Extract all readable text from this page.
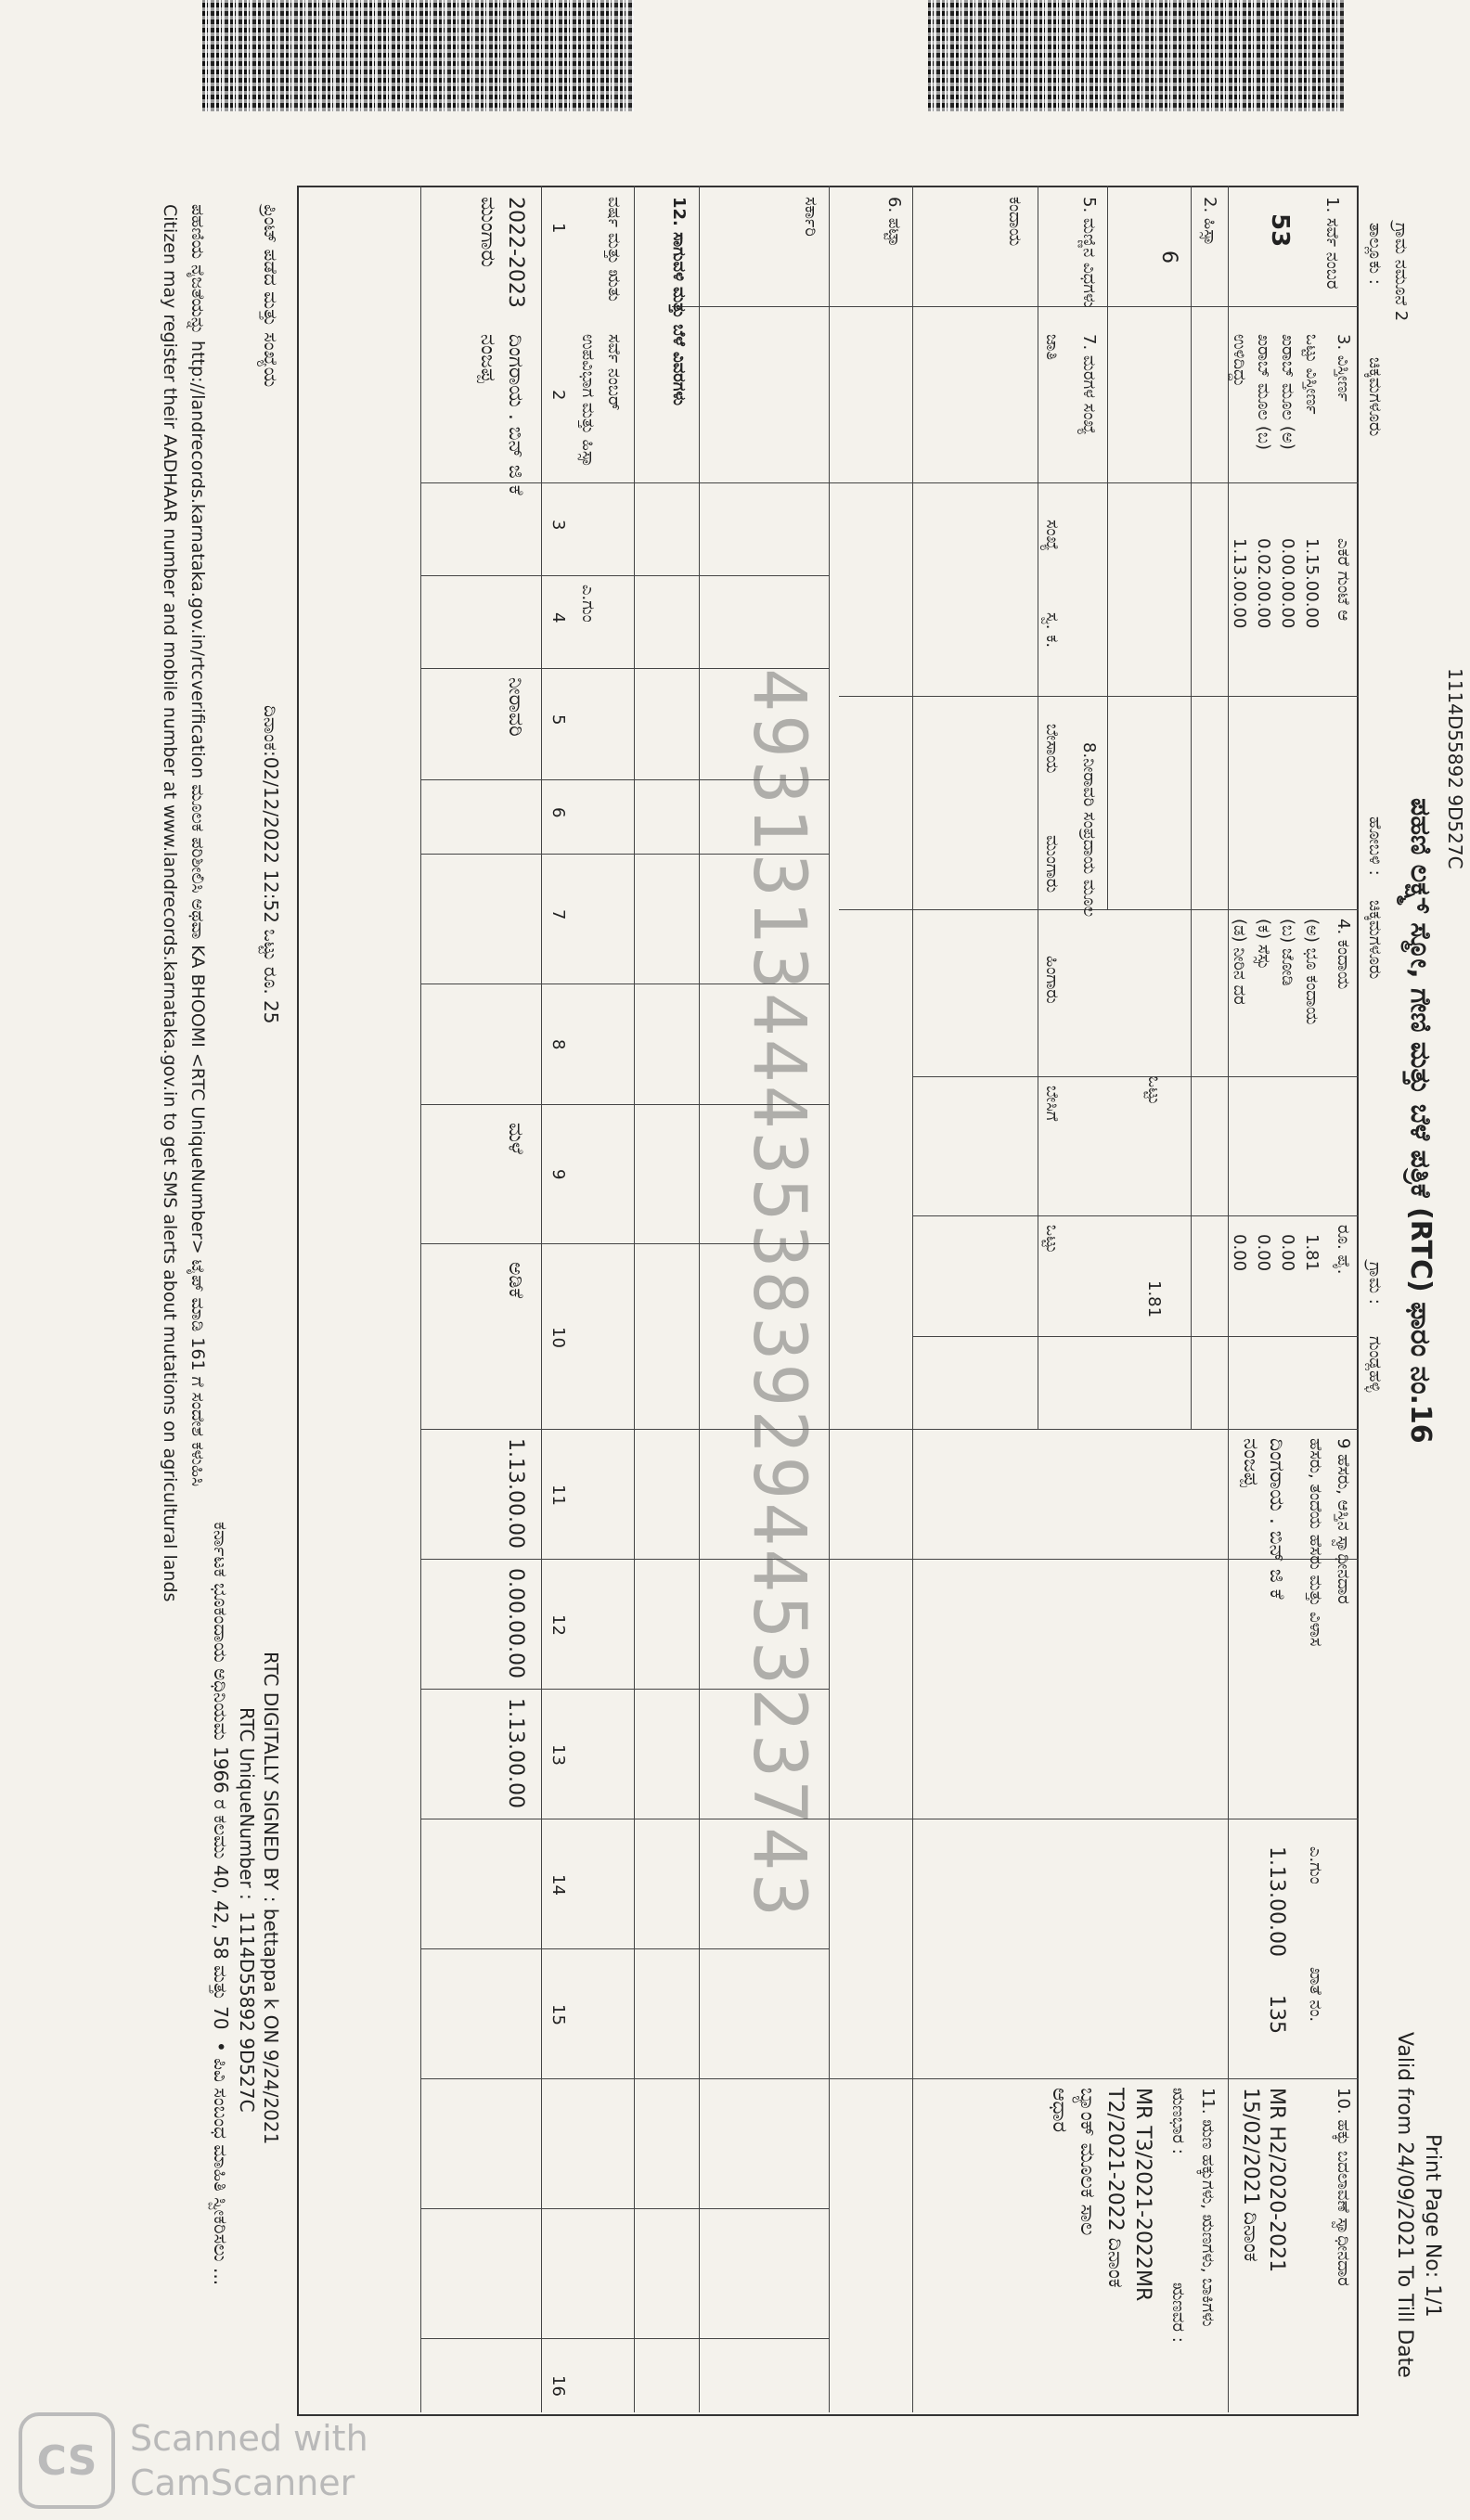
1114D55892 9D527C
ಪಹಣಿ ಲಕ್ಷ್ಮ್ ಸ್ಮೋ, ಗೇಣಿ ಮತ್ತು ಬೆಳೆ ಪತ್ರಿಕೆ (RTC) ಫಾರಂ ನಂ.16
Print Page No: 1/1
Valid from 24/09/2021 To Till Date
ಗ್ರಾಮ ನಮೂನೆ 2
ತಾಲ್ಲೂಕು :
ಚಿಕ್ಕಮಗಳೂರು
ಹೋಬಳಿ :
ಚಿಕ್ಕಮಗಳೂರು
ಗ್ರಾಮ :
ಗುಂಡ್ಲಹಳ್ಳಿ
1. ಸರ್ವೆ ನಂಬರ
53
2. ಹಿಸ್ಸಾ
6
3. ವಿಸ್ತೀರ್ಣ
ಎಕರೆ ಗುಂಟೆ ಆ
ಒಟ್ಟು ವಿಸ್ತೀರ್ಣ
1.15.00.00
ಖರಾಬ್ ಮೂಲ (ಅ)
0.00.00.00
ಖರಾಬ್ ಮೂಲ (ಬ)
0.02.00.00
ಉಳಿದಿದ್ದು
1.13.00.00
4. ಕಂದಾಯ
ರೂ. ಪೈ.
(ಅ) ಭೂ ಕಂದಾಯ
1.81
(ಬ) ಜೋಡಿ
0.00
(ಕ) ಸೆಸ್ಸು
0.00
(ಡ) ನೀರಿನ ದರ
0.00
ಒಟ್ಟು
1.81
5. ಮಣ್ಣಿನ ವಿಧಗಳು
7. ಮರಗಳ ಸಂಖ್ಯೆ
ಜಾತಿ
ಸಂಖ್ಯೆ
ಸ್ವ. ಕ.
8.ನೀರಾವರಿ ಸಂಪ್ರದಾಯ ಮೂಲ
ಬೇಸಾಯ
ಮುಂಗಾರು
ಹಿಂಗಾರು
ಬೇಸಿಗೆ
ಒಟ್ಟು
ಕಂದಾಯ
6. ಪಟ್ಟಾ
ಸರ್ಕಾರಿ
9 ಹೆಸರು, ಆಸ್ತಿನ ಸ್ವಾಧೀನದಾರ
ಹೆಸರು, ತಂದೆಯ ಹೆಸರು ಮತ್ತು ವಿಳಾಸ
ಎ.ಗುಂ
ಖಾತೆ ನಂ.
ದಿಂಗರಾಯ . ಬಿನ್ ಜಿ ಕೆ
ನಂಜಪ್ಪ
1.13.00.00
135
10. ಹಕ್ಕು ಬದಲಾವಣೆ ಸ್ವಾಧೀನದಾರ
MR H2/2020-2021
15/02/2021 ದಿನಾಂಕ
11. ಋಣ ಹಕ್ಕುಗಳು, ಋಣಗಳು, ಬಾಕಿಗಳು
ಋಣಭಾರ :
ಋಣವರ :
MR T3/2021-2022MR
T2/2021-2022 ದಿನಾಂಕ
ಬ್ಯಾಂಕ್ ಮೂಲಕ ಸಾಲ
ಆಧಾರ
12. ಸಾಗುವಳಿ ಮತ್ತು ಬೆಳೆ ವಿವರಗಳು
ವರ್ಷ ಮತ್ತು ಋತು
ಸರ್ವೆ ನಂಬರ್
ಉಪವಿಭಾಗ ಮತ್ತು ಹಿಸ್ಸಾ
ಎ.ಗುಂ
1
2
3
4
5
6
7
8
9
10
11
12
13
14
15
16
2022-2023
ಮುಂಗಾರು
ದಿಂಗರಾಯ . ಬಿನ್ ಜಿ ಕೆ
ನಂಜಪ್ಪ
ನೀರಾವರಿ
ಮಳೆ
ಅಡಿಕೆ
1.13.00.00
0.00.00.00
1.13.00.00	493131344435383929445323743
ಪ್ರಿಂಟ್ ಪಡೆದ ಮತ್ತು ಸಂಖ್ಯೆಯ
ದಿನಾಂಕ:02/12/2022 12:52 ಒಟ್ಟು ರೂ. 25
RTC DIGITALLY SIGNED BY : bettappa k ON 9/24/2021
RTC UniqueNumber :
1114D55892 9D527C
ಕರ್ನಾಟಕ ಭೂಕಂದಾಯ ಅಧಿನಿಯಮ 1966 ರ ಕಲಮು 40, 42, 58 ಮತ್ತು 70
• ಪಿವಿ ಸಂಬಂಧ ಮಾಹಿತಿ ಸ್ವೀಕರಿಸಲು ...
ಪಹಣಿಯ ನೈಜತೆಯನ್ನು http://landrecords.karnataka.gov.in/rtcverification ಮೂಲಕ ಪರಿಶೀಲಿಸಿ ಅಥವಾ KA BHOOMI <RTC UniqueNumber> ಟೈಪ್ ಮಾಡಿ 161 ಗೆ ಸಂದೇಶ ಕಳುಹಿಸಿ
Citizen may register their AADHAAR number and mobile number at www.landrecords.karnataka.gov.in to get SMS alerts about mutations on agricultural lands
CS Scanned with
CamScanner
